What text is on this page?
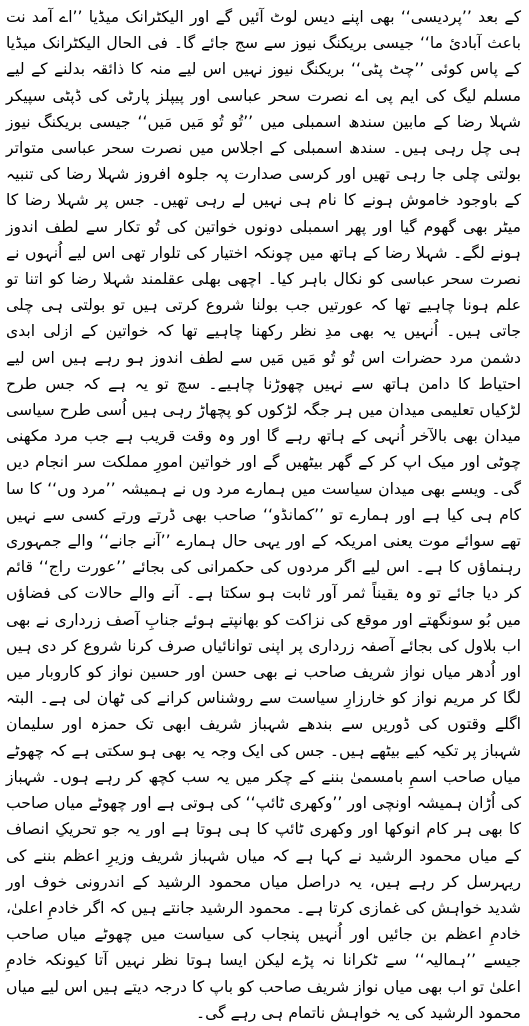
کے بعد ’’پردیسی‘‘ بھی اپنے دیس لوٹ آئیں گے اور الیکٹرانک میڈیا ’’اے آمد نت باعث آبادئ ما‘‘ جیسی بریکنگ نیوز سے سج جائے گا۔ فی الحال الیکٹرانک میڈیا کے پاس کوئی ’’چٹ پٹی‘‘ بریکنگ نیوز نہیں اس لیے منہ کا ذائقہ بدلنے کے لیے مسلم لیگ کی ایم پی اے نصرت سحر عباسی اور پیپلز پارٹی کی ڈپٹی سپیکر شہلا رضا کے مابین سندھ اسمبلی میں ’’تُو تُو مَیں مَیں‘‘ جیسی بریکنگ نیوز ہی چل رہی ہیں۔ سندھ اسمبلی کے اجلاس میں نصرت سحر عباسی متواتر بولتی چلی جا رہی تھیں اور کرسی صدارت پہ جلوہ افروز شہلا رضا کی تنبیہ کے باوجود خاموش ہونے کا نام ہی نہیں لے رہی تھیں۔ جس پر شہلا رضا کا میٹر بھی گھوم گیا اور پھر اسمبلی دونوں خواتین کی تُو تکار سے لطف اندوز ہونے لگے۔ شہلا رضا کے ہاتھ میں چونکہ اختیار کی تلوار تھی اس لیے اُنہوں نے نصرت سحر عباسی کو نکال باہر کیا۔ اچھی بھلی عقلمند شہلا رضا کو اتنا تو علم ہونا چاہیے تھا کہ عورتیں جب بولنا شروع کرتی ہیں تو بولتی ہی چلی جاتی ہیں۔ اُنہیں یہ بھی مدِ نظر رکھنا چاہیے تھا کہ خواتین کے ازلی ابدی دشمن مرد حضرات اس تُو تُو مَیں مَیں سے لطف اندوز ہو رہے ہیں اس لیے احتیاط کا دامن ہاتھ سے نہیں چھوڑنا چاہیے۔ سچ تو یہ ہے کہ جس طرح لڑکیاں تعلیمی میدان میں ہر جگہ لڑکوں کو پچھاڑ رہی ہیں اُسی طرح سیاسی میدان بھی بالآخر اُنہی کے ہاتھ رہے گا اور وہ وقت قریب ہے جب مرد مکھنی چوٹی اور میک اپ کر کے گھر بیٹھیں گے اور خواتین امورِ مملکت سر انجام دیں گی۔ ویسے بھی میدان سیاست میں ہمارے مرد وں نے ہمیشہ ’’مرد وں‘‘ کا سا کام ہی کیا ہے اور ہمارے تو ’’کمانڈو‘‘ صاحب بھی ڈرتے ورتے کسی سے نہیں تھے سوائے موت یعنی امریکہ کے اور یہی حال ہمارے ’’آنے جانے‘‘ والے جمہوری رہنماؤں کا ہے۔ اس لیے اگر مردوں کی حکمرانی کی بجائے ’’عورت راج‘‘ قائم کر دیا جائے تو وہ یقیناً ثمر آور ثابت ہو سکتا ہے۔ آنے والے حالات کی فضاؤں میں بُو سونگھتے اور موقع کی نزاکت کو بھانپتے ہوئے جنابِ آصف زرداری نے بھی اب بلاول کی بجائے آصفہ زرداری پر اپنی توانائیاں صرف کرنا شروع کر دی ہیں اور اُدھر میاں نواز شریف صاحب نے بھی حسن اور حسین نواز کو کاروبار میں لگا کر مریم نواز کو خارزارِ سیاست سے روشناس کرانے کی ٹھان لی ہے۔ البتہ اگلے وقتوں کی ڈوریں سے بندھے شہباز شریف ابھی تک حمزہ اور سلیمان شہباز پر تکیہ کیے بیٹھے ہیں۔ جس کی ایک وجہ یہ بھی ہو سکتی ہے کہ چھوٹے میاں صاحب اسمِ بامسمیٰ بننے کے چکر میں یہ سب کچھ کر رہے ہوں۔ شہباز کی اُڑان ہمیشہ اونچی اور ’’وکھری ٹائپ‘‘ کی ہوتی ہے اور چھوٹے میاں صاحب کا بھی ہر کام انوکھا اور وکھری ٹائپ کا ہی ہوتا ہے اور یہ جو تحریکِ انصاف کے میاں محمود الرشید نے کہا ہے کہ میاں شہباز شریف وزیرِ اعظم بننے کی ریہرسل کر رہے ہیں، یہ دراصل میاں محمود الرشید کے اندرونی خوف اور شدید خواہش کی غمازی کرتا ہے۔ محمود الرشید جانتے ہیں کہ اگر خادمِ اعلیٰ، خادمِ اعظم بن جائیں اور اُنہیں پنجاب کی سیاست میں چھوٹے میاں صاحب جیسے ’’ہمالیہ‘‘ سے ٹکرانا نہ پڑے لیکن ایسا ہوتا نظر نہیں آتا کیونکہ خادمِ اعلیٰ تو اب بھی میاں نواز شریف صاحب کو باپ کا درجہ دیتے ہیں اس لیے میاں محمود الرشید کی یہ خواہش ناتمام ہی رہے گی۔
